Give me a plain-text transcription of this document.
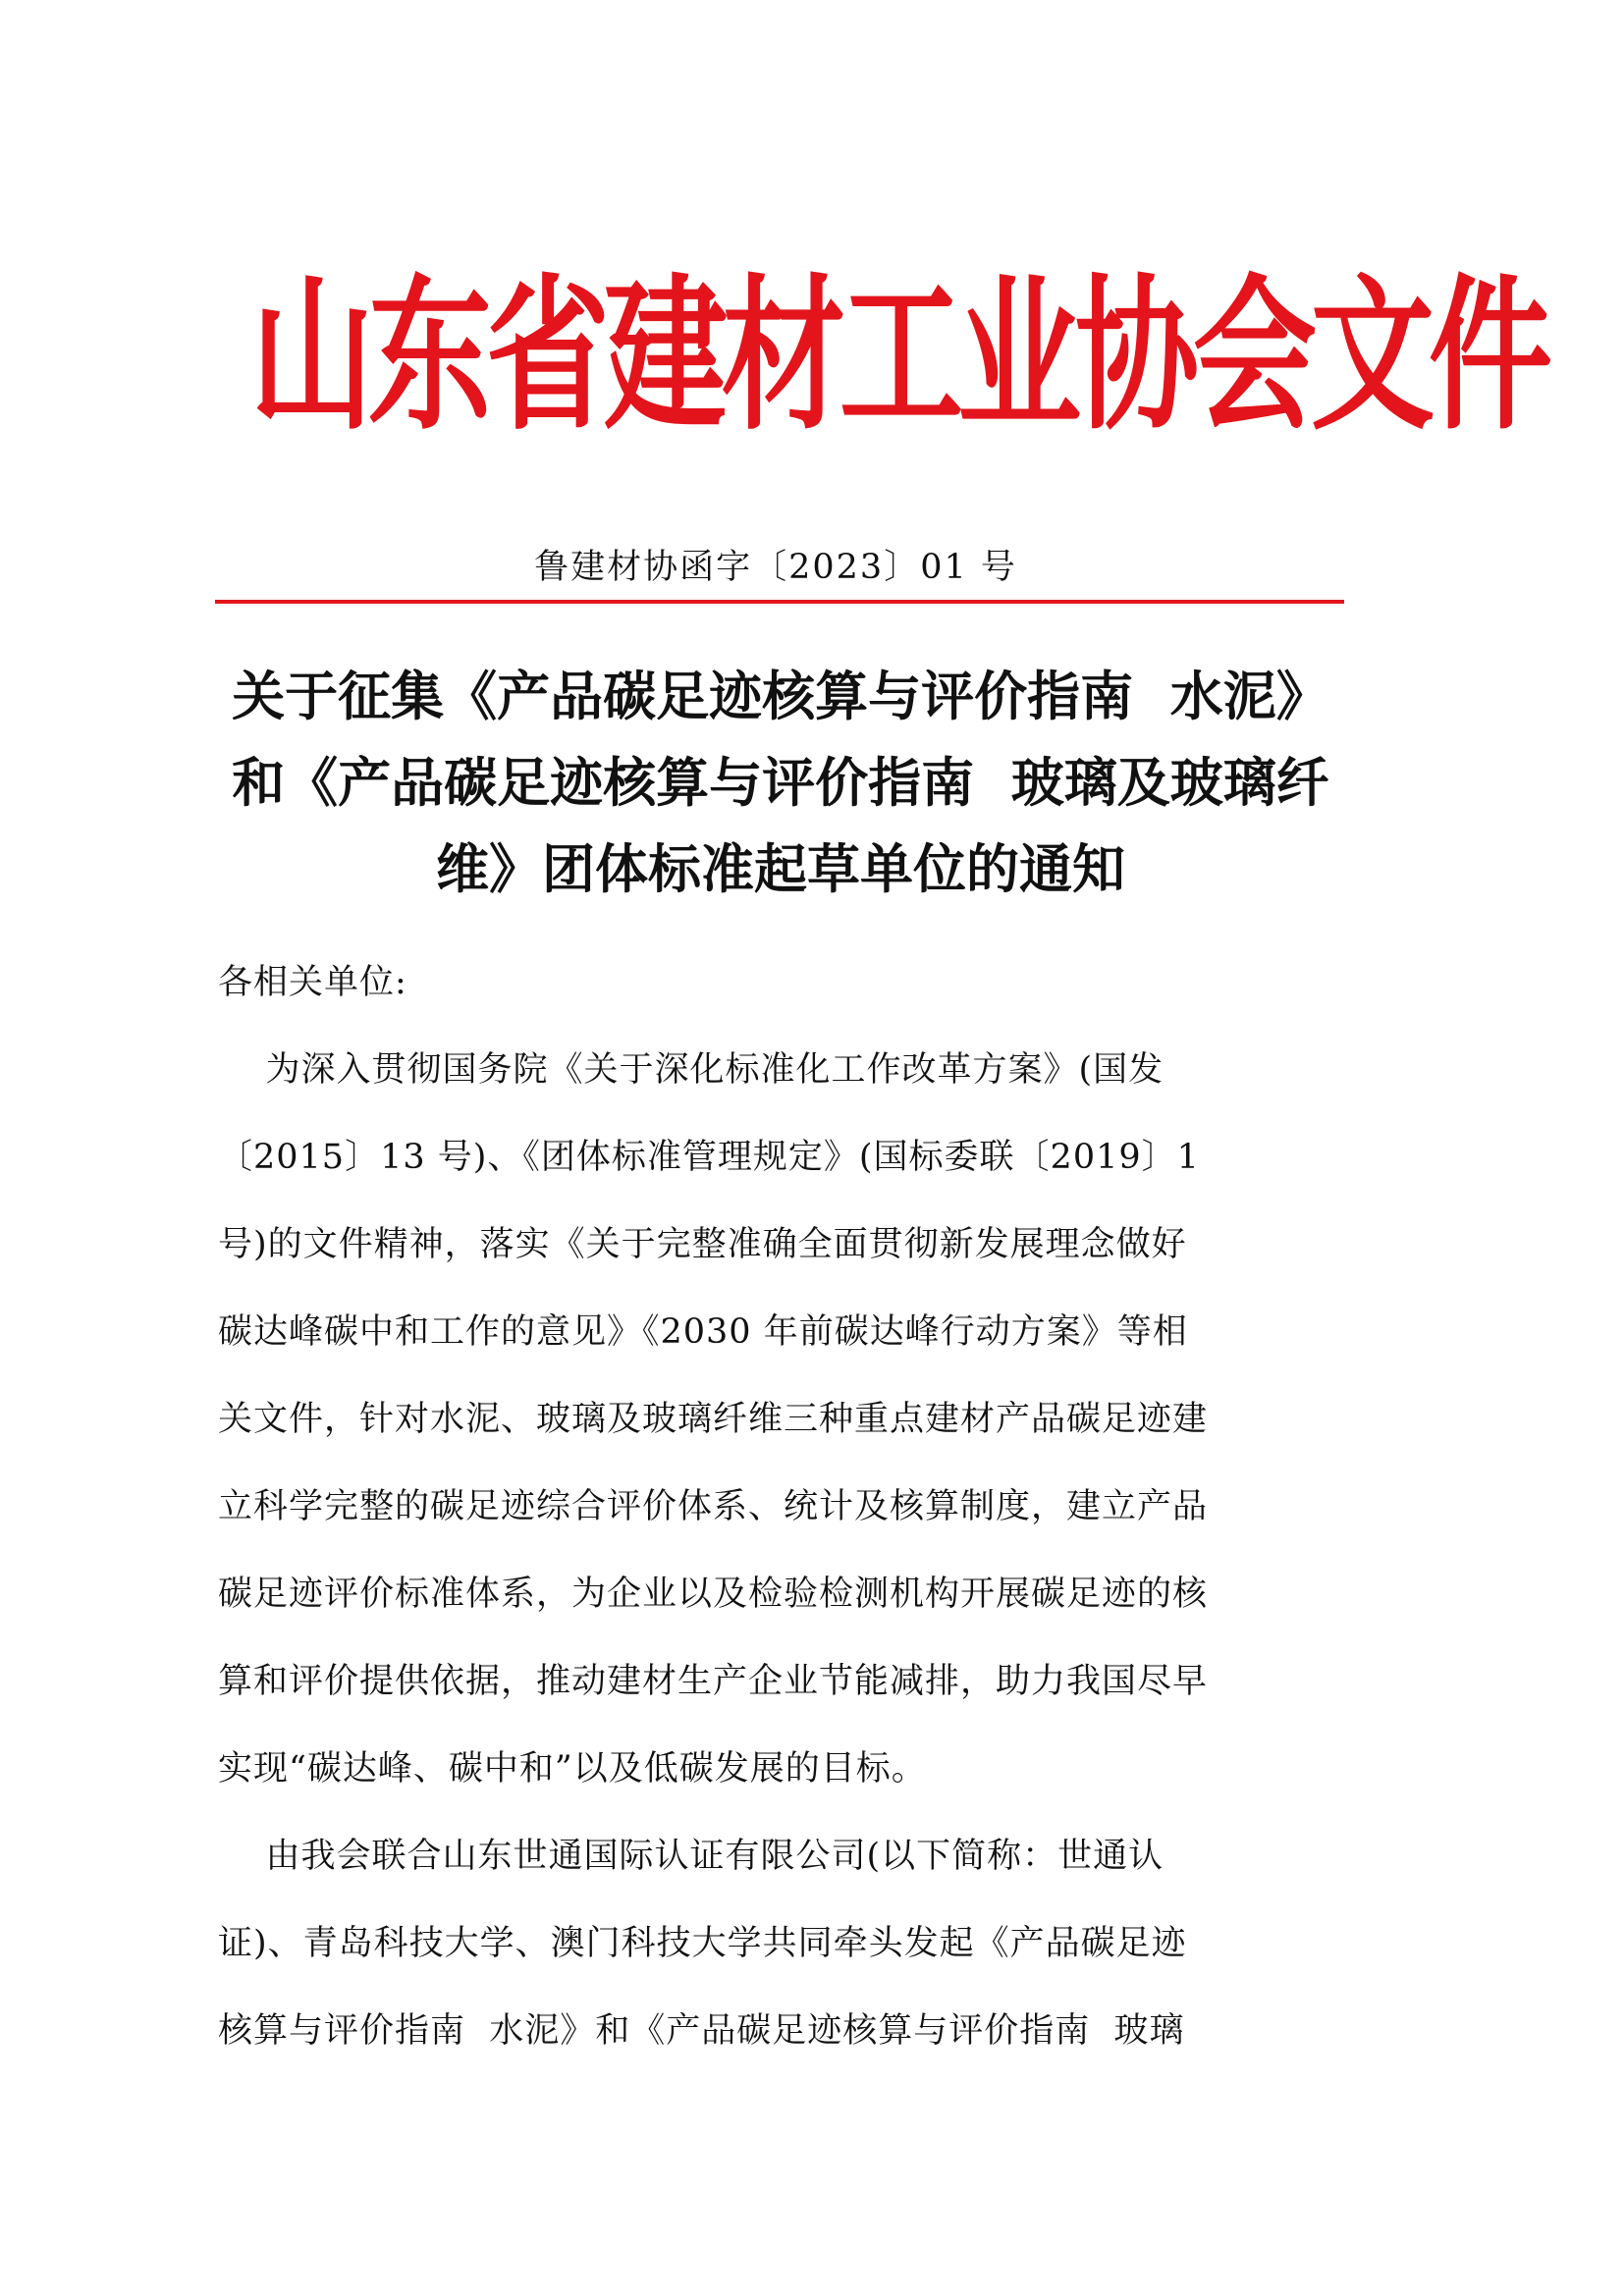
山东省建材工业协会文件
鲁建材协函字〔2023〕01 号
关于征集《产品碳足迹核算与评价指南  水泥》
和《产品碳足迹核算与评价指南  玻璃及玻璃纤
维》团体标准起草单位的通知
各相关单位:
为深入贯彻国务院《关于深化标准化工作改革方案》(国发
〔2015〕13 号)、《团体标准管理规定》(国标委联〔2019〕1
号)的文件精神，落实《关于完整准确全面贯彻新发展理念做好
碳达峰碳中和工作的意见》《2030 年前碳达峰行动方案》等相
关文件，针对水泥、玻璃及玻璃纤维三种重点建材产品碳足迹建
立科学完整的碳足迹综合评价体系、统计及核算制度，建立产品
碳足迹评价标准体系，为企业以及检验检测机构开展碳足迹的核
算和评价提供依据，推动建材生产企业节能减排，助力我国尽早
实现“碳达峰、碳中和”以及低碳发展的目标。
由我会联合山东世通国际认证有限公司(以下简称：世通认
证)、青岛科技大学、澳门科技大学共同牵头发起《产品碳足迹
核算与评价指南  水泥》和《产品碳足迹核算与评价指南  玻璃
